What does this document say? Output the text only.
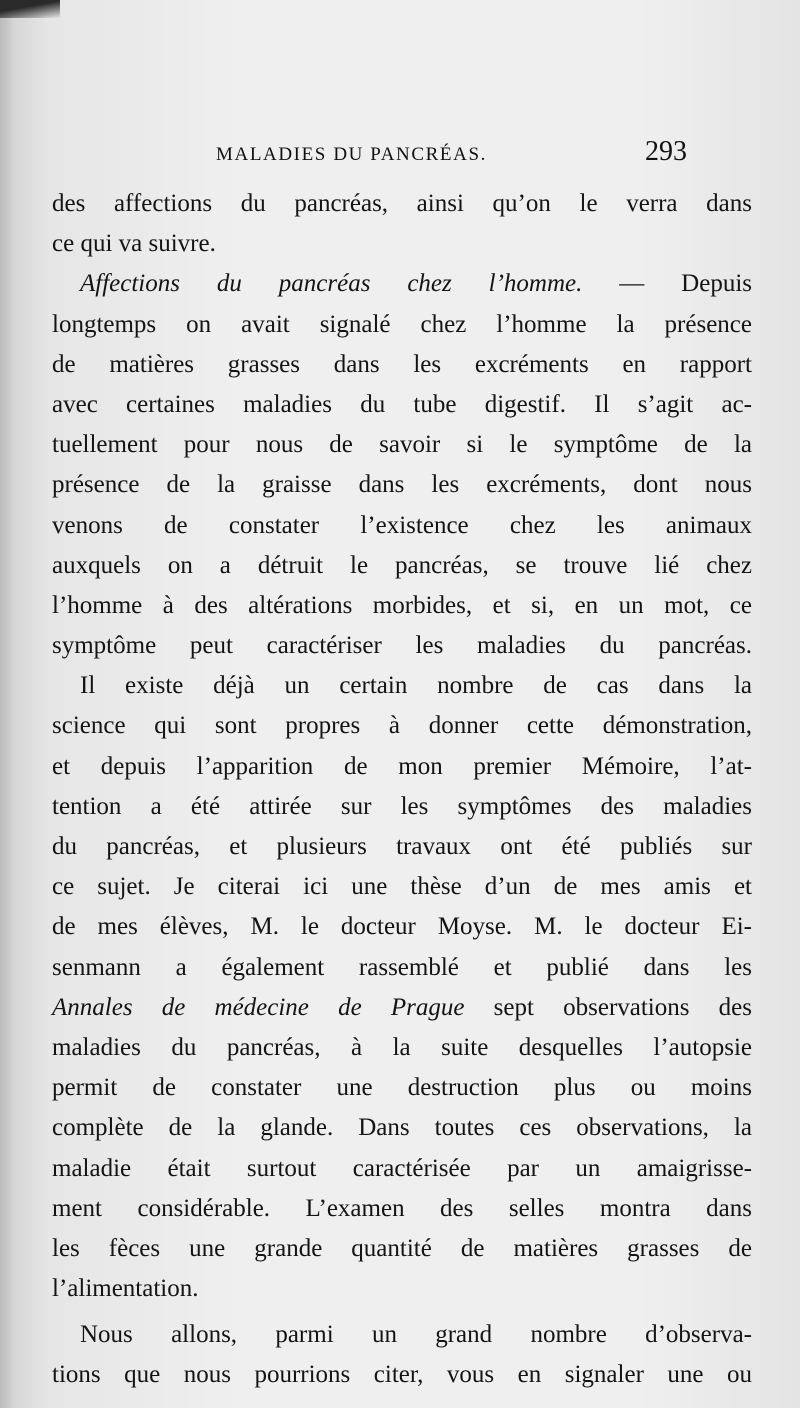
MALADIES DU PANCRÉAS.	293
des affections du pancréas, ainsi qu’on le verra dans
ce qui va suivre.
Affections du pancréas chez l’homme. — Depuis
longtemps on avait signalé chez l’homme la présence
de matières grasses dans les excréments en rapport
avec certaines maladies du tube digestif. Il s’agit ac-
tuellement pour nous de savoir si le symptôme de la
présence de la graisse dans les excréments, dont nous
venons de constater l’existence chez les animaux
auxquels on a détruit le pancréas, se trouve lié chez
l’homme à des altérations morbides, et si, en un mot, ce
symptôme peut caractériser les maladies du pancréas.
Il existe déjà un certain nombre de cas dans la
science qui sont propres à donner cette démonstration,
et depuis l’apparition de mon premier Mémoire, l’at-
tention a été attirée sur les symptômes des maladies
du pancréas, et plusieurs travaux ont été publiés sur
ce sujet. Je citerai ici une thèse d’un de mes amis et
de mes élèves, M. le docteur Moyse. M. le docteur Ei-
senmann a également rassemblé et publié dans les
Annales de médecine de Prague sept observations des
maladies du pancréas, à la suite desquelles l’autopsie
permit de constater une destruction plus ou moins
complète de la glande. Dans toutes ces observations, la
maladie était surtout caractérisée par un amaigrisse-
ment considérable. L’examen des selles montra dans
les fèces une grande quantité de matières grasses de
l’alimentation.
Nous allons, parmi un grand nombre d’observa-
tions que nous pourrions citer, vous en signaler une ou
